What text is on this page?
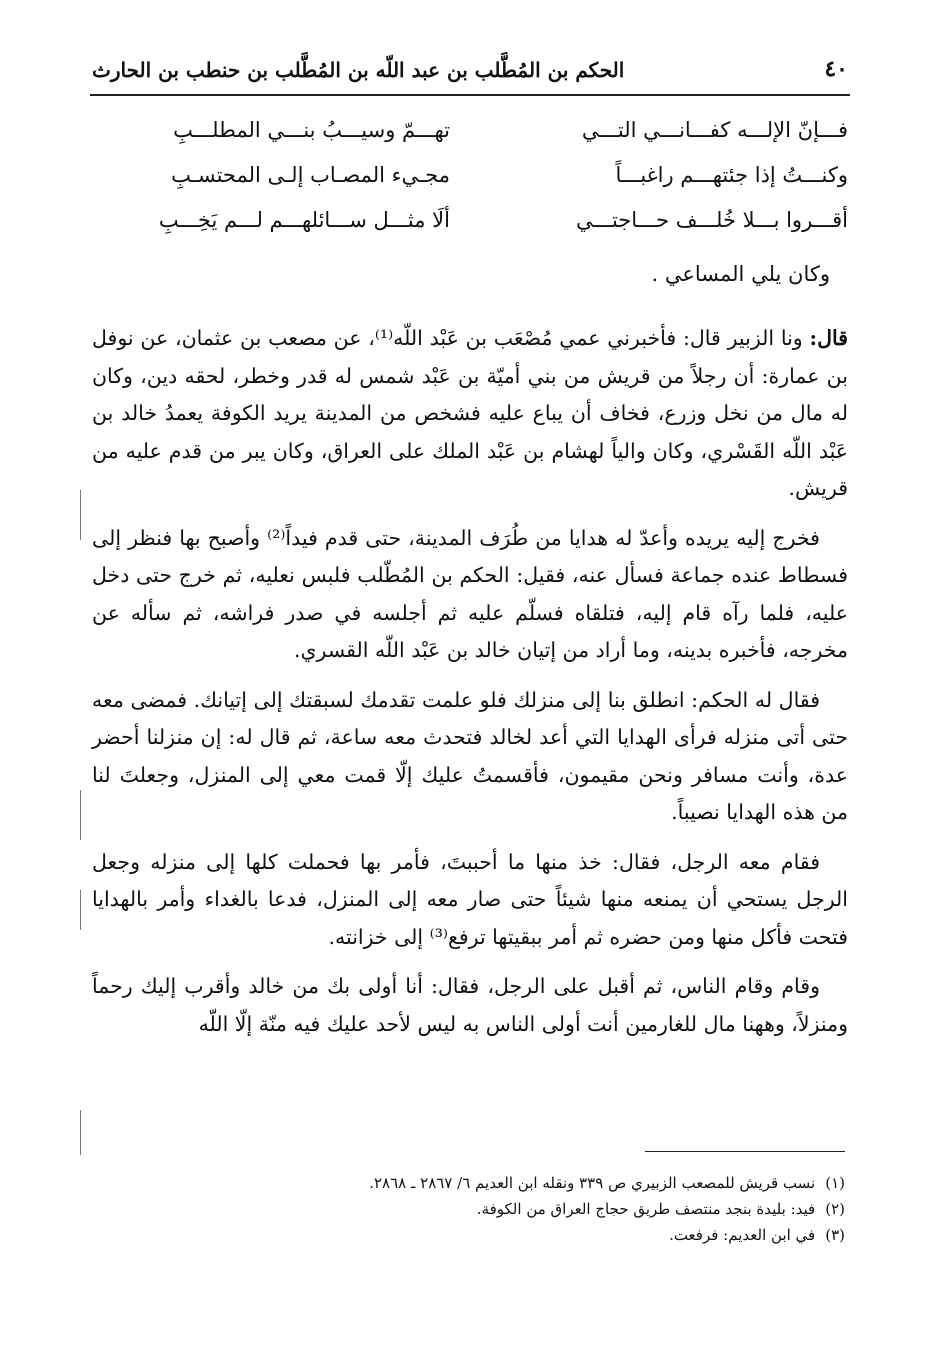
٤٠
الحكم بن المُطَّلب بن عبد اللّه بن المُطَّلب بن حنطب بن الحارث
فـــإنّ الإلـــه كفـــانـــي التـــي
تهـــمّ وسيـــبُ بنـــي المطلـــبِ
وكنـــتُ إذا جئتهـــم راغبـــاً
مجـيء المصـاب إلـى المحتسـبِ
أقـــروا بـــلا خُلـــف حـــاجتـــي
ألَا مثـــل ســـائلهـــم لـــم يَخِـــبِ
وكان يلي المساعي .

قال: ونا الزبير قال: فأخبرني عمي مُصْعَب بن عَبْد اللّه⁽¹⁾، عن مصعب بن عثمان، عن نوفل بن عمارة: أن رجلاً من قريش من بني أميّة بن عَبْد شمس له قدر وخطر، لحقه دين، وكان له مال من نخل وزرع، فخاف أن يباع عليه فشخص من المدينة يريد الكوفة يعمدُ خالد بن عَبْد اللّه القَسْري، وكان والياً لهشام بن عَبْد الملك على العراق، وكان يبر من قدم عليه من قريش.

فخرج إليه يريده وأعدّ له هدايا من طُرَف المدينة، حتى قدم فيداً⁽²⁾ وأصبح بها فنظر إلى فسطاط عنده جماعة فسأل عنه، فقيل: الحكم بن المُطّلب فلبس نعليه، ثم خرج حتى دخل عليه، فلما رآه قام إليه، فتلقاه فسلّم عليه ثم أجلسه في صدر فراشه، ثم سأله عن مخرجه، فأخبره بدينه، وما أراد من إتيان خالد بن عَبْد اللّه القسري.

فقال له الحكم: انطلق بنا إلى منزلك فلو علمت تقدمك لسبقتك إلى إتيانك. فمضى معه حتى أتى منزله فرأى الهدايا التي أعد لخالد فتحدث معه ساعة، ثم قال له: إن منزلنا أحضر عدة، وأنت مسافر ونحن مقيمون، فأقسمتُ عليك إلّا قمت معي إلى المنزل، وجعلتَ لنا من هذه الهدايا نصيباً.

فقام معه الرجل، فقال: خذ منها ما أحببتَ، فأمر بها فحملت كلها إلى منزله وجعل الرجل يستحي أن يمنعه منها شيئاً حتى صار معه إلى المنزل، فدعا بالغداء وأمر بالهدايا فتحت فأكل منها ومن حضره ثم أمر ببقيتها ترفع⁽³⁾ إلى خزانته.

وقام وقام الناس، ثم أقبل على الرجل، فقال: أنا أولى بك من خالد وأقرب إليك رحماً ومنزلاً، وههنا مال للغارمين أنت أولى الناس به ليس لأحد عليك فيه منّة إلّا اللّه

(١)نسب قريش للمصعب الزبيري ص ٣٣٩ ونقله ابن العديم ٦/ ٢٨٦٧ ـ ٢٨٦٨.
(٢)فيد: بليدة بنجد منتصف طريق حجاج العراق من الكوفة.
(٣)في ابن العديم: فرفعت.
